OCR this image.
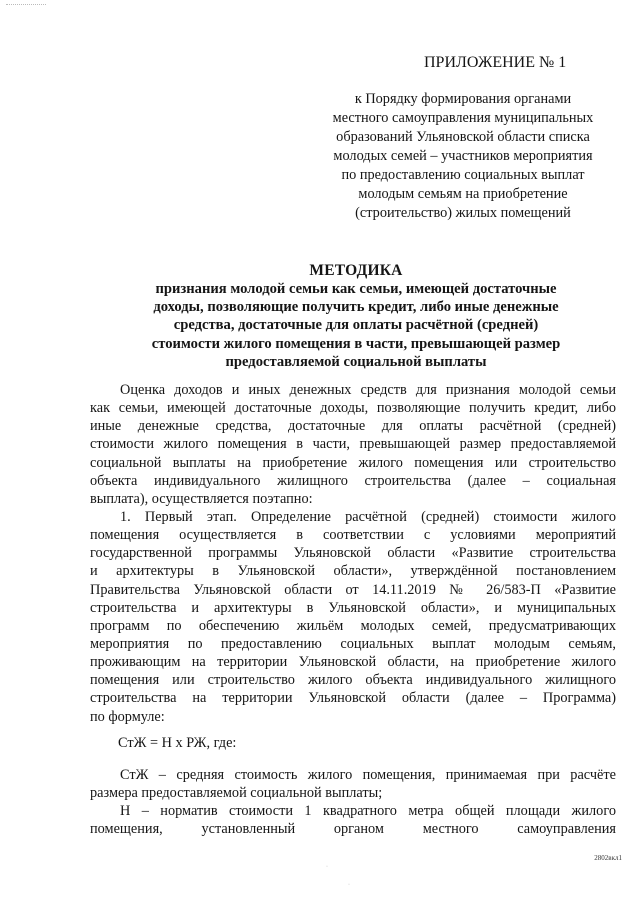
ПРИЛОЖЕНИЕ № 1
к Порядку формирования органами
местного самоуправления муниципальных
образований Ульяновской области списка
молодых семей – участников мероприятия
по предоставлению социальных выплат
молодым семьям на приобретение
(строительство) жилых помещений
МЕТОДИКА
признания молодой семьи как семьи, имеющей достаточные
доходы, позволяющие получить кредит, либо иные денежные
средства, достаточные для оплаты расчётной (средней)
стоимости жилого помещения в части, превышающей размер
предоставляемой социальной выплаты
Оценка доходов и иных денежных средств для признания молодой семьи
как семьи, имеющей достаточные доходы, позволяющие получить кредит, либо
иные денежные средства, достаточные для оплаты расчётной (средней)
стоимости жилого помещения в части, превышающей размер предоставляемой
социальной выплаты на приобретение жилого помещения или строительство
объекта индивидуального жилищного строительства (далее – социальная
выплата), осуществляется поэтапно:
1. Первый этап. Определение расчётной (средней) стоимости жилого
помещения осуществляется в соответствии с условиями мероприятий
государственной программы Ульяновской области «Развитие строительства
и архитектуры в Ульяновской области», утверждённой постановлением
Правительства Ульяновской области от 14.11.2019 № 26/583-П «Развитие
строительства и архитектуры в Ульяновской области», и муниципальных
программ по обеспечению жильём молодых семей, предусматривающих
мероприятия по предоставлению социальных выплат молодым семьям,
проживающим на территории Ульяновской области, на приобретение жилого
помещения или строительство жилого объекта индивидуального жилищного
строительства на территории Ульяновской области (далее – Программа)
по формуле:
СтЖ = Н х РЖ, где:
СтЖ – средняя стоимость жилого помещения, принимаемая при расчёте
размера предоставляемой социальной выплаты;
Н – норматив стоимости 1 квадратного метра общей площади жилого
помещения, установленный органом местного самоуправления
·
·
2802вкл1
